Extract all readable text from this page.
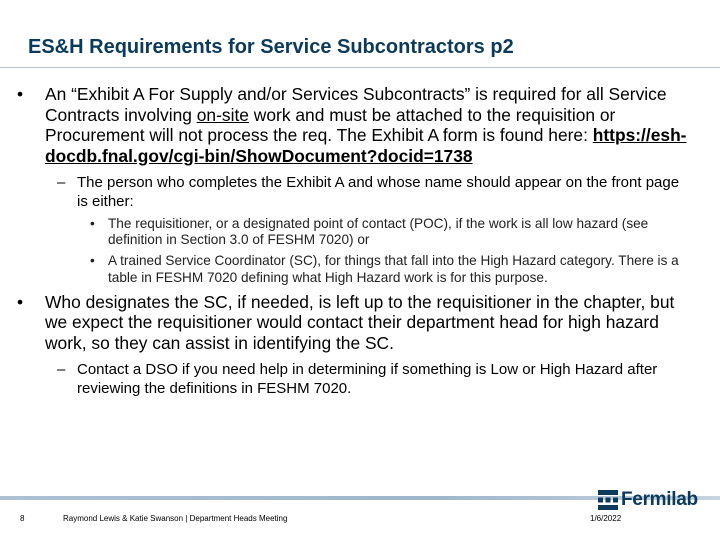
ES&H Requirements for Service Subcontractors p2
• An “Exhibit A For Supply and/or Services Subcontracts” is required for all Service Contracts involving on-site work and must be attached to the requisition or Procurement will not process the req. The Exhibit A form is found here: https://esh-docdb.fnal.gov/cgi-bin/ShowDocument?docid=1738
– The person who completes the Exhibit A and whose name should appear on the front page is either:
• The requisitioner, or a designated point of contact (POC), if the work is all low hazard (see definition in Section 3.0 of FESHM 7020) or
• A trained Service Coordinator (SC), for things that fall into the High Hazard category. There is a table in FESHM 7020 defining what High Hazard work is for this purpose.
• Who designates the SC, if needed, is left up to the requisitioner in the chapter, but we expect the requisitioner would contact their department head for high hazard work, so they can assist in identifying the SC.
– Contact a DSO if you need help in determining if something is Low or High Hazard after reviewing the definitions in FESHM 7020.
8	Raymond Lewis & Katie Swanson | Department Heads Meeting	1/6/2022
Fermilab
